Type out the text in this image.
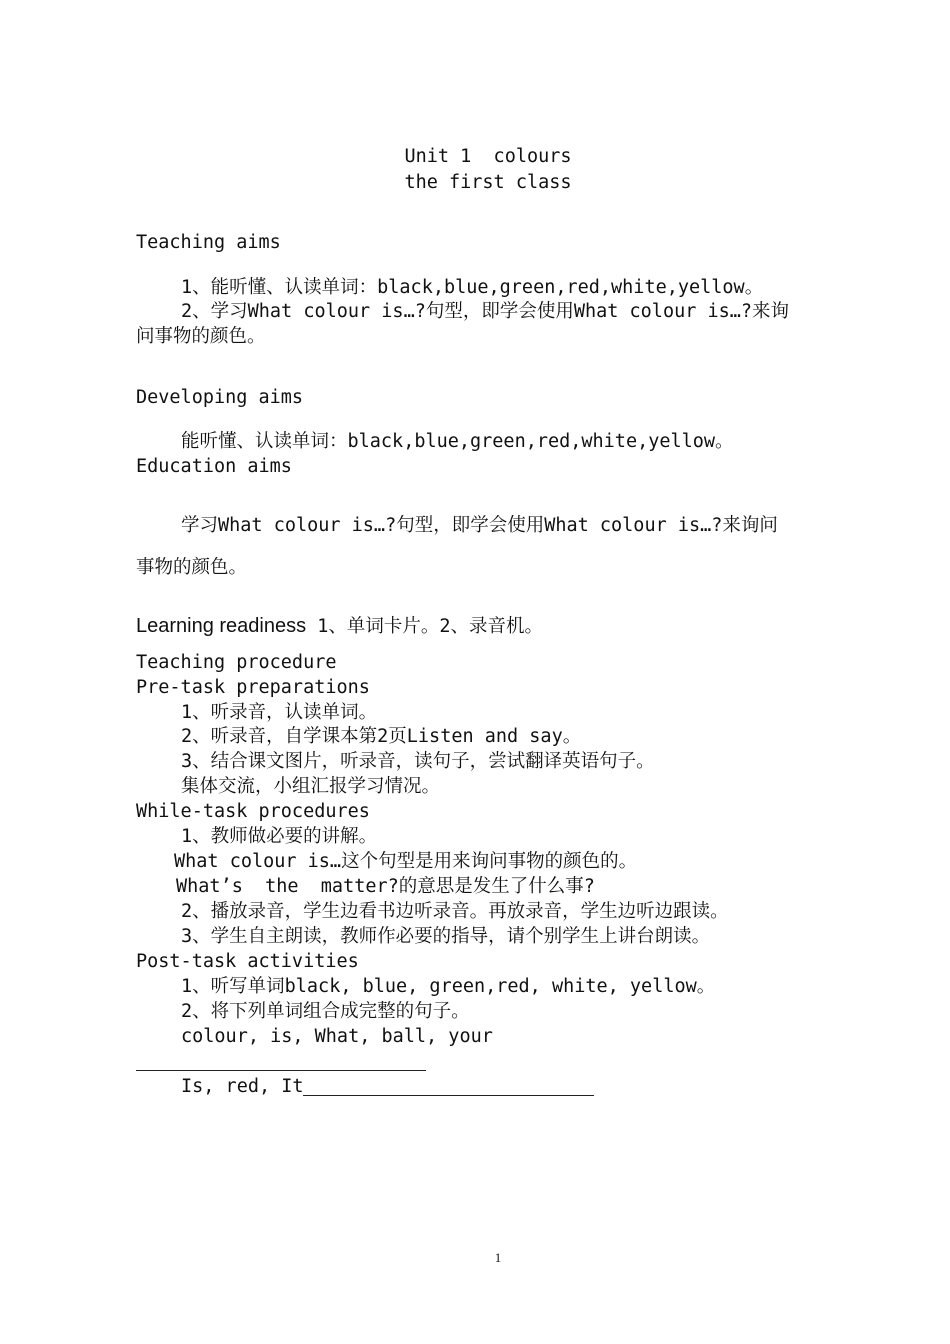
Unit 1  colours
the first class
Teaching aims
1、能听懂、认读单词：black,blue,green,red,white,yellow。
2、学习What colour is…?句型，即学会使用What colour is…?来询
问事物的颜色。
Developing aims
能听懂、认读单词：black,blue,green,red,white,yellow。
Education aims
学习What colour is…?句型，即学会使用What colour is…?来询问
事物的颜色。
Learning readiness 1、单词卡片。2、录音机。
Teaching procedure
Pre-task preparations
1、听录音，认读单词。
2、听录音，自学课本第2页Listen and say。
3、结合课文图片，听录音，读句子，尝试翻译英语句子。
集体交流，小组汇报学习情况。
While-task procedures
1、教师做必要的讲解。
What colour is…这个句型是用来询问事物的颜色的。
What’s  the  matter?的意思是发生了什么事?
2、播放录音，学生边看书边听录音。再放录音，学生边听边跟读。
3、学生自主朗读，教师作必要的指导，请个别学生上讲台朗读。
Post-task activities
1、听写单词black, blue, green,red, white, yellow。
2、将下列单词组合成完整的句子。
colour, is, What, ball, your
Is, red, It
1
